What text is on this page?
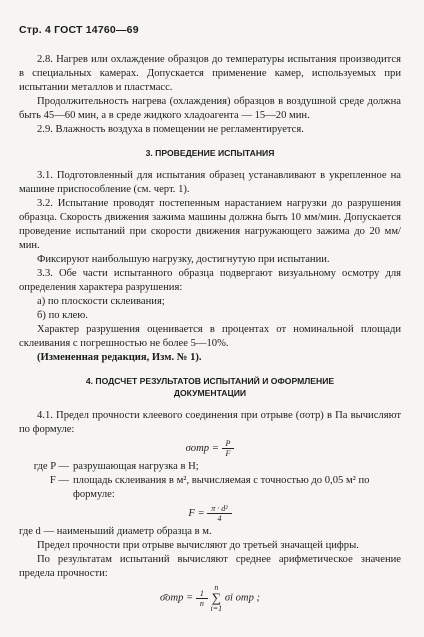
Стр. 4 ГОСТ 14760—69

2.8. Нагрев или охлаждение образцов до температуры испытания производится в специальных камерах. Допускается применение камер, используемых при испытании металлов и пластмасс.

Продолжительность нагрева (охлаждения) образцов в воздушной среде должна быть 45—60 мин, а в среде жидкого хладоагента — 15—20 мин.

2.9. Влажность воздуха в помещении не регламентируется.

3. ПРОВЕДЕНИЕ ИСПЫТАНИЯ

3.1. Подготовленный для испытания образец устанавливают в укрепленное на машине приспособление (см. черт. 1).

3.2. Испытание проводят постепенным нарастанием нагрузки до разрушения образца. Скорость движения зажима машины должна быть 10 мм/мин. Допускается проведение испытаний при скорости движения нагружающего зажима до 20 мм/мин.

Фиксируют наибольшую нагрузку, достигнутую при испытании.

3.3. Обе части испытанного образца подвергают визуальному осмотру для определения характера разрушения:

а) по плоскости склеивания;

б) по клею.

Характер разрушения оценивается в процентах от номинальной площади склеивания с погрешностью не более 5—10%.

(Измененная редакция, Изм. № 1).

4. ПОДСЧЕТ РЕЗУЛЬТАТОВ ИСПЫТАНИЙ И ОФОРМЛЕНИЕ

ДОКУМЕНТАЦИИ

4.1. Предел прочности клеевого соединения при отрыве (σотр) в Па вычисляют по формуле:

$\sigma отр = \frac{P}{F}$
где P — разрушающая нагрузка в Н;
F — площадь склеивания в м², вычисляемая с точностью до 0,05 м² по формуле:
$F = \frac{\text{π · d²}}{4}$

где d — наименьший диаметр образца в м.

Предел прочности при отрыве вычисляют до третьей значащей цифры.

По результатам испытаний вычисляют среднее арифметическое значение предела прочности:

σ̄отр = $\frac{1}{n}$

n
∑
i=1
σi отр ;
